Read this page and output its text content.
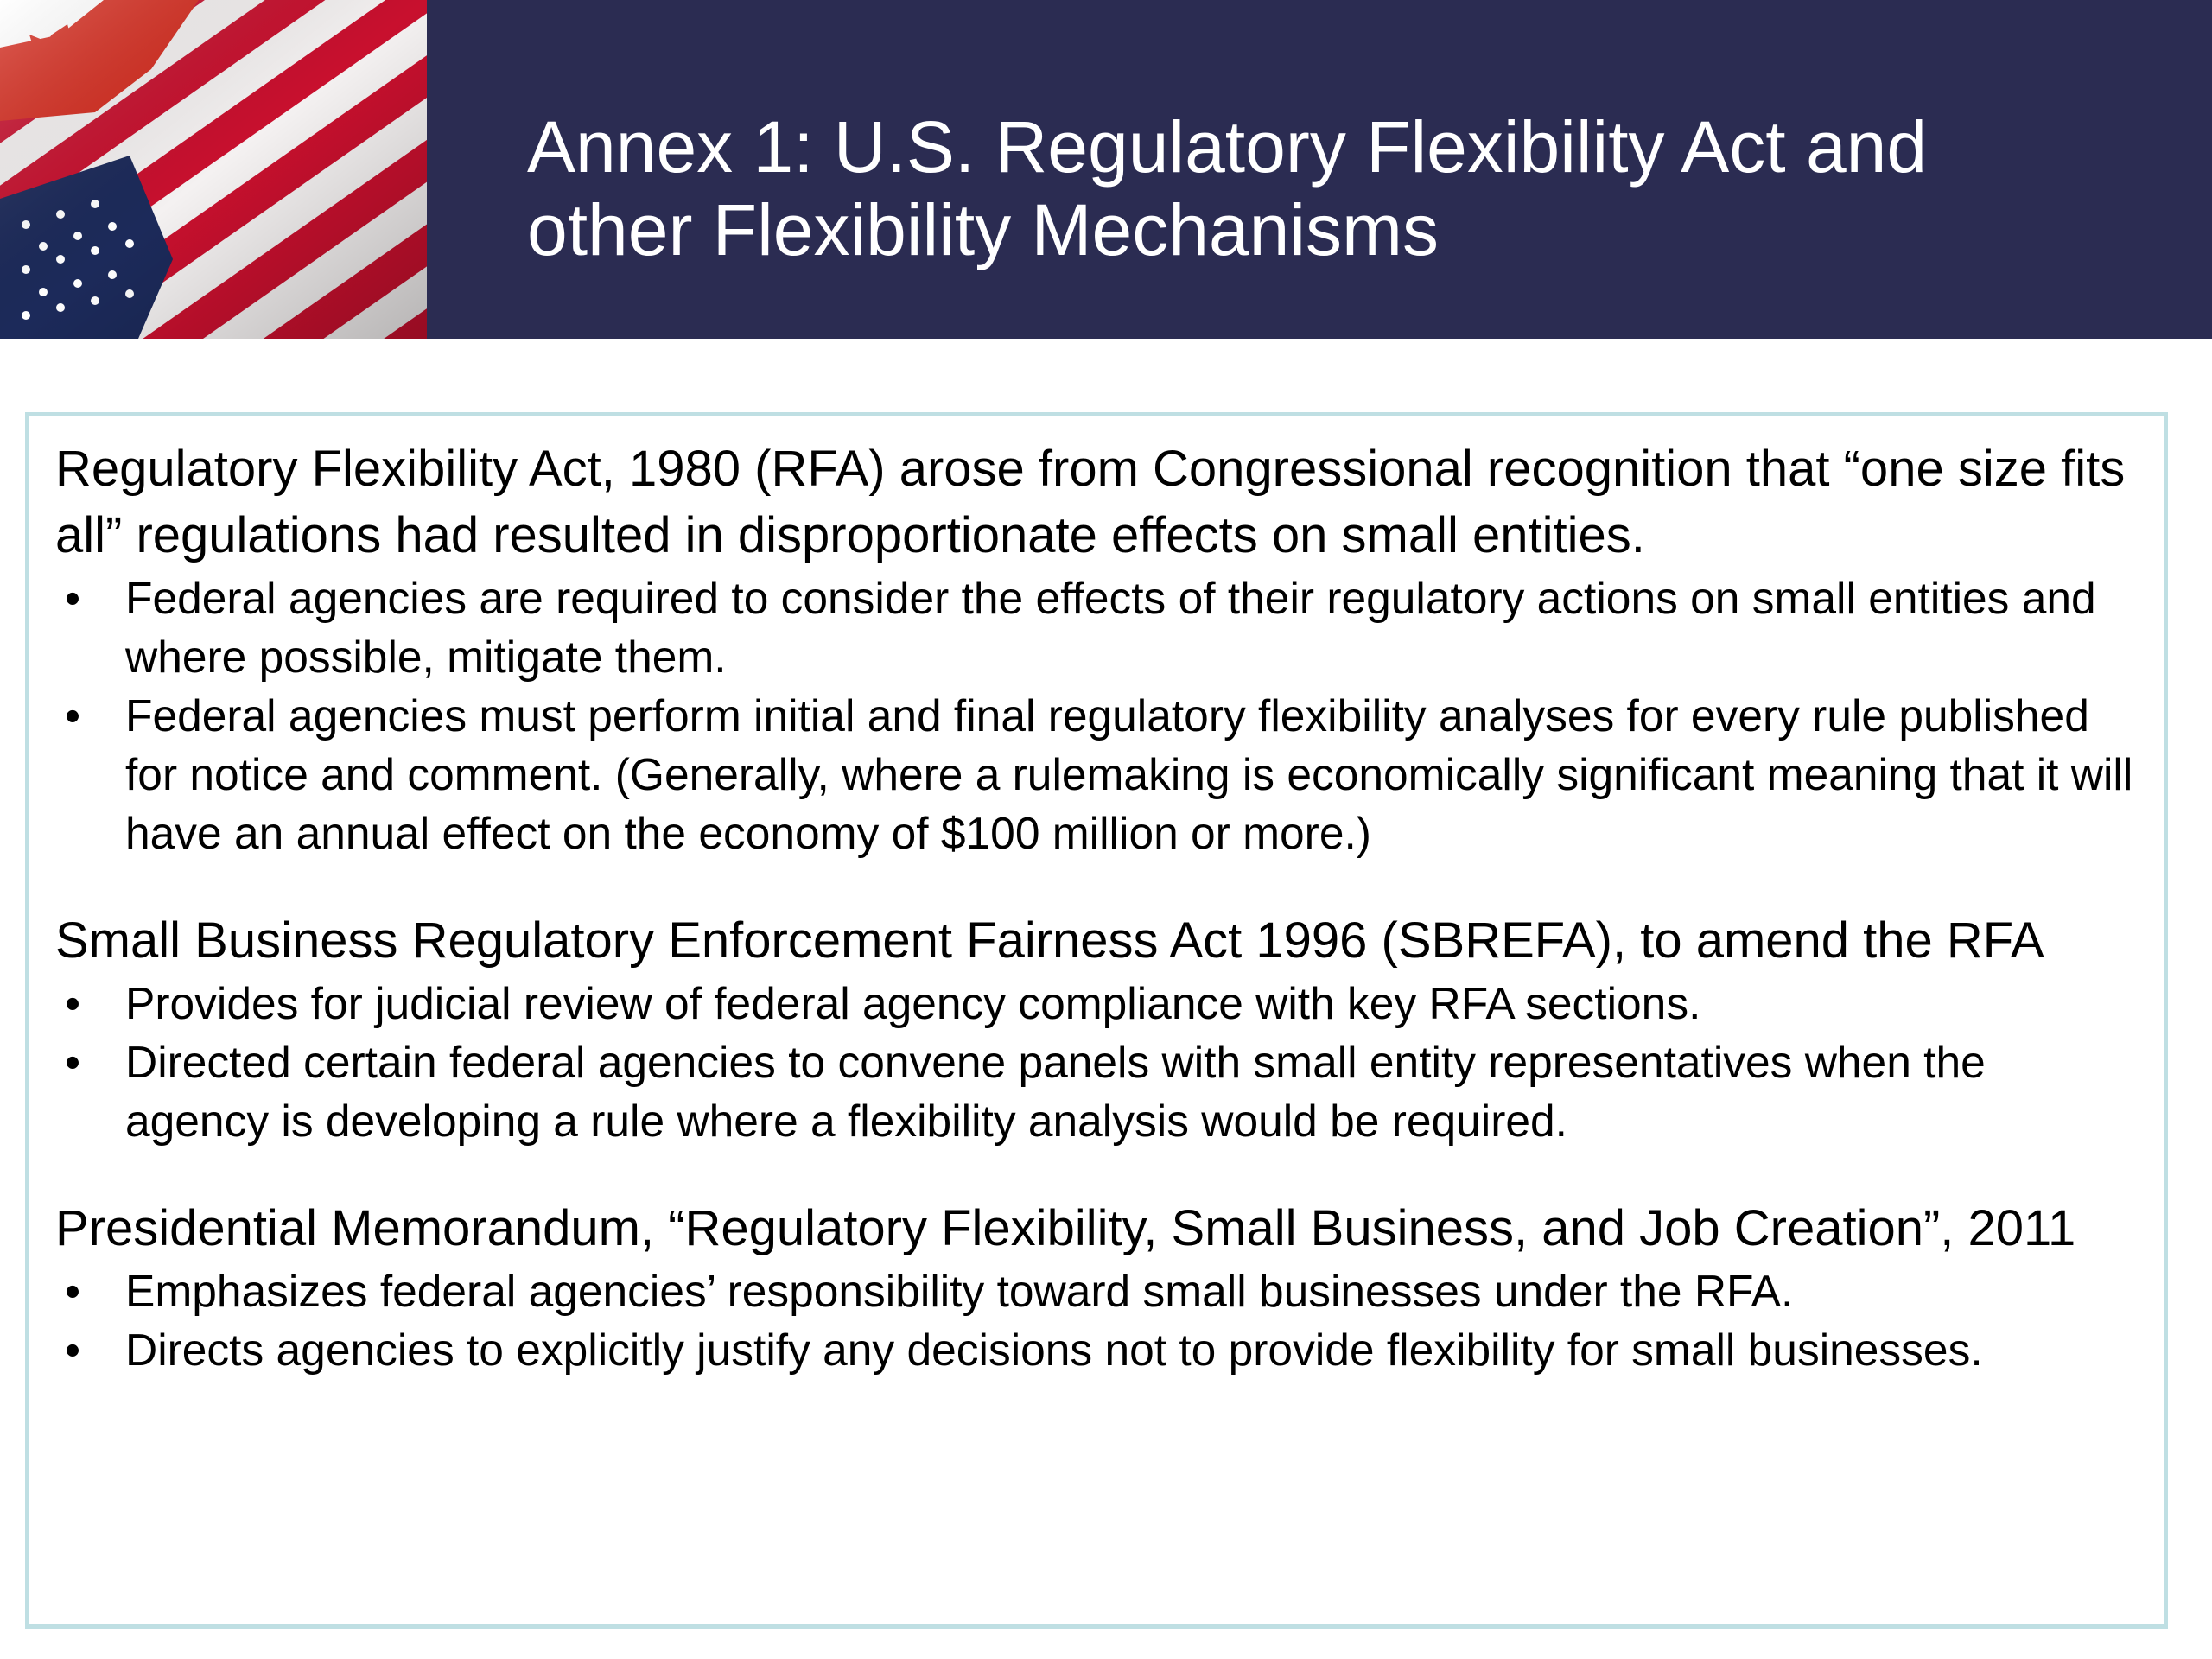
Annex 1: U.S. Regulatory Flexibility Act and
other Flexibility Mechanisms

Regulatory Flexibility Act, 1980 (RFA) arose from Congressional recognition that “one size fits all” regulations had resulted in disproportionate effects on small entities.

• Federal agencies are required to consider the effects of their regulatory actions on small entities and where possible, mitigate them.
• Federal agencies must perform initial and final regulatory flexibility analyses for every rule published for notice and comment. (Generally, where a rulemaking is economically significant meaning that it will have an annual effect on the economy of $100 million or more.)

Small Business Regulatory Enforcement Fairness Act 1996 (SBREFA), to amend the RFA

• Provides for judicial review of federal agency compliance with key RFA sections.
• Directed certain federal agencies to convene panels with small entity representatives when the agency is developing a rule where a flexibility analysis would be required.

Presidential Memorandum, “Regulatory Flexibility, Small Business, and Job Creation”, 2011

• Emphasizes federal agencies’ responsibility toward small businesses under the RFA.
• Directs agencies to explicitly justify any decisions not to provide flexibility for small businesses.
